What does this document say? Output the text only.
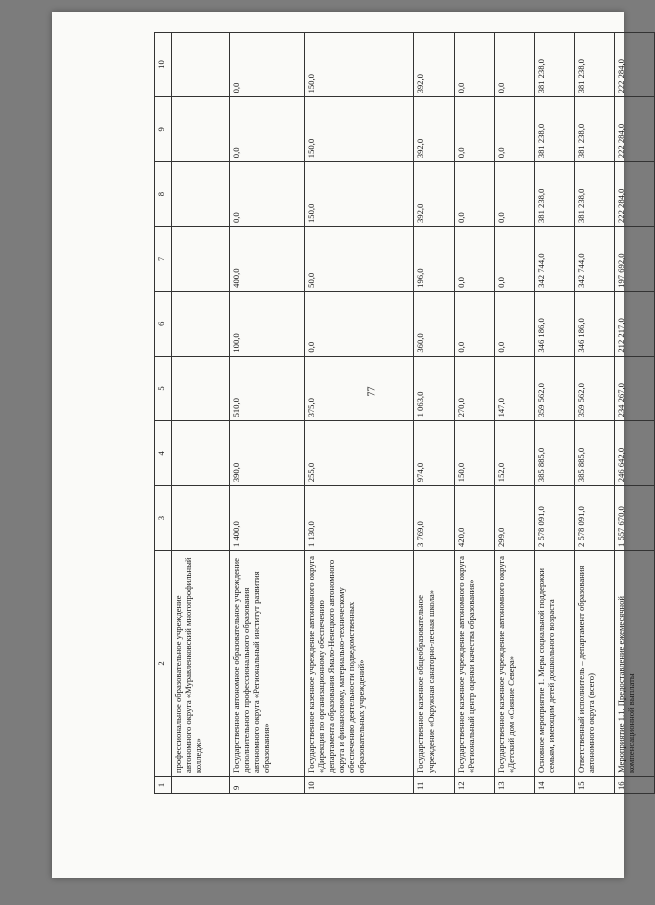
77
1	2	3	4	5	6	7	8	9	10
	профессиональное образовательное учреждение автономного округа «Муравленковский многопрофильный колледж»								
9	Государственное автономное образовательное учреждение дополнительного профессионального образования автономного округа «Региональный институт развития образования»	1 400,0	390,0	510,0	100,0	400,0	0,0	0,0	0,0
10	Государственное казенное учреждение автономного округа «Дирекция по организационному обеспечению департамента образования Ямало-Ненецкого автономного округа и финансовому, материально-техническому обеспечению деятельности подведомственных образовательных учреждений»	1 130,0	255,0	375,0	0,0	50,0	150,0	150,0	150,0
11	Государственное казенное общеобразовательное учреждение «Окружная санаторно-лесная школа»	3 769,0	974,0	1 063,0	360,0	196,0	392,0	392,0	392,0
12	Государственное казенное учреждение автономного округа «Региональный центр оценки качества образования»	420,0	150,0	270,0	0,0	0,0	0,0	0,0	0,0
13	Государственное казенное учреждение автономного округа «Детский дом «Сияние Севера»	299,0	152,0	147,0	0,0	0,0	0,0	0,0	0,0
14	Основное мероприятие 1. Меры социальной поддержки семьям, имеющим детей дошкольного возраста	2 578 091,0	385 885,0	359 562,0	346 186,0	342 744,0	381 238,0	381 238,0	381 238,0
15	Ответственный исполнитель – департамент образования автономного округа (всего)	2 578 091,0	385 885,0	359 562,0	346 186,0	342 744,0	381 238,0	381 238,0	381 238,0
16	Мероприятие 1.1. Предоставление ежемесячной компенсационной выплаты	1 557 670,0	246 642,0	234 267,0	212 217,0	197 692,0	222 284,0	222 284,0	222 284,0
